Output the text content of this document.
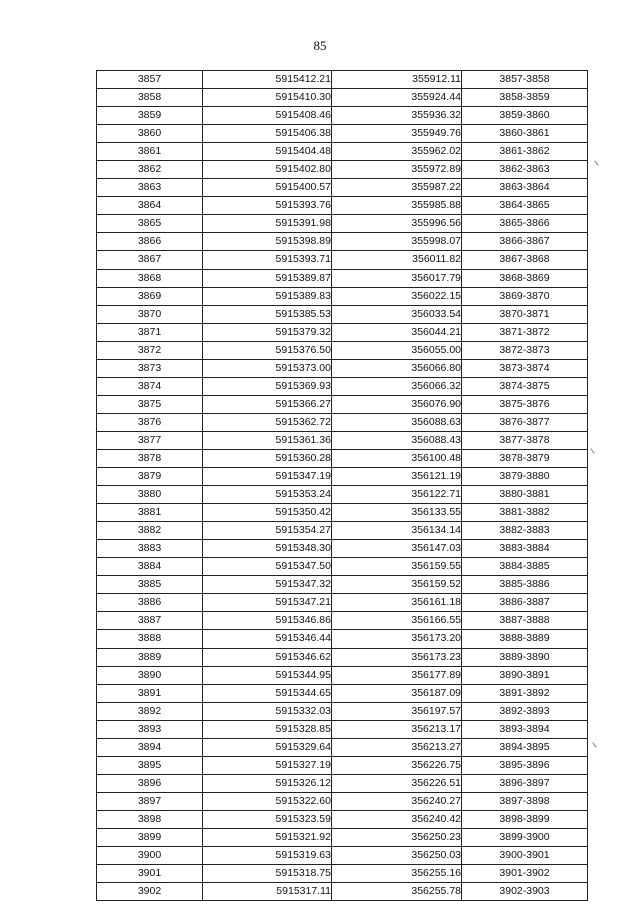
85
3857	5915412.21	355912.11	3857-3858
3858	5915410.30	355924.44	3858-3859
3859	5915408.46	355936.32	3859-3860
3860	5915406.38	355949.76	3860-3861
3861	5915404.48	355962.02	3861-3862
3862	5915402.80	355972.89	3862-3863
3863	5915400.57	355987.22	3863-3864
3864	5915393.76	355985.88	3864-3865
3865	5915391.98	355996.56	3865-3866
3866	5915398.89	355998.07	3866-3867
3867	5915393.71	356011.82	3867-3868
3868	5915389.87	356017.79	3868-3869
3869	5915389.83	356022.15	3869-3870
3870	5915385.53	356033.54	3870-3871
3871	5915379.32	356044.21	3871-3872
3872	5915376.50	356055.00	3872-3873
3873	5915373.00	356066.80	3873-3874
3874	5915369.93	356066.32	3874-3875
3875	5915366.27	356076.90	3875-3876
3876	5915362.72	356088.63	3876-3877
3877	5915361.36	356088.43	3877-3878
3878	5915360.28	356100.48	3878-3879
3879	5915347.19	356121.19	3879-3880
3880	5915353.24	356122.71	3880-3881
3881	5915350.42	356133.55	3881-3882
3882	5915354.27	356134.14	3882-3883
3883	5915348.30	356147.03	3883-3884
3884	5915347.50	356159.55	3884-3885
3885	5915347.32	356159.52	3885-3886
3886	5915347.21	356161.18	3886-3887
3887	5915346.86	356166.55	3887-3888
3888	5915346.44	356173.20	3888-3889
3889	5915346.62	356173.23	3889-3890
3890	5915344.95	356177.89	3890-3891
3891	5915344.65	356187.09	3891-3892
3892	5915332.03	356197.57	3892-3893
3893	5915328.85	356213.17	3893-3894
3894	5915329.64	356213.27	3894-3895
3895	5915327.19	356226.75	3895-3896
3896	5915326.12	356226.51	3896-3897
3897	5915322.60	356240.27	3897-3898
3898	5915323.59	356240.42	3898-3899
3899	5915321.92	356250.23	3899-3900
3900	5915319.63	356250.03	3900-3901
3901	5915318.75	356255.16	3901-3902
3902	5915317.11	356255.78	3902-3903
